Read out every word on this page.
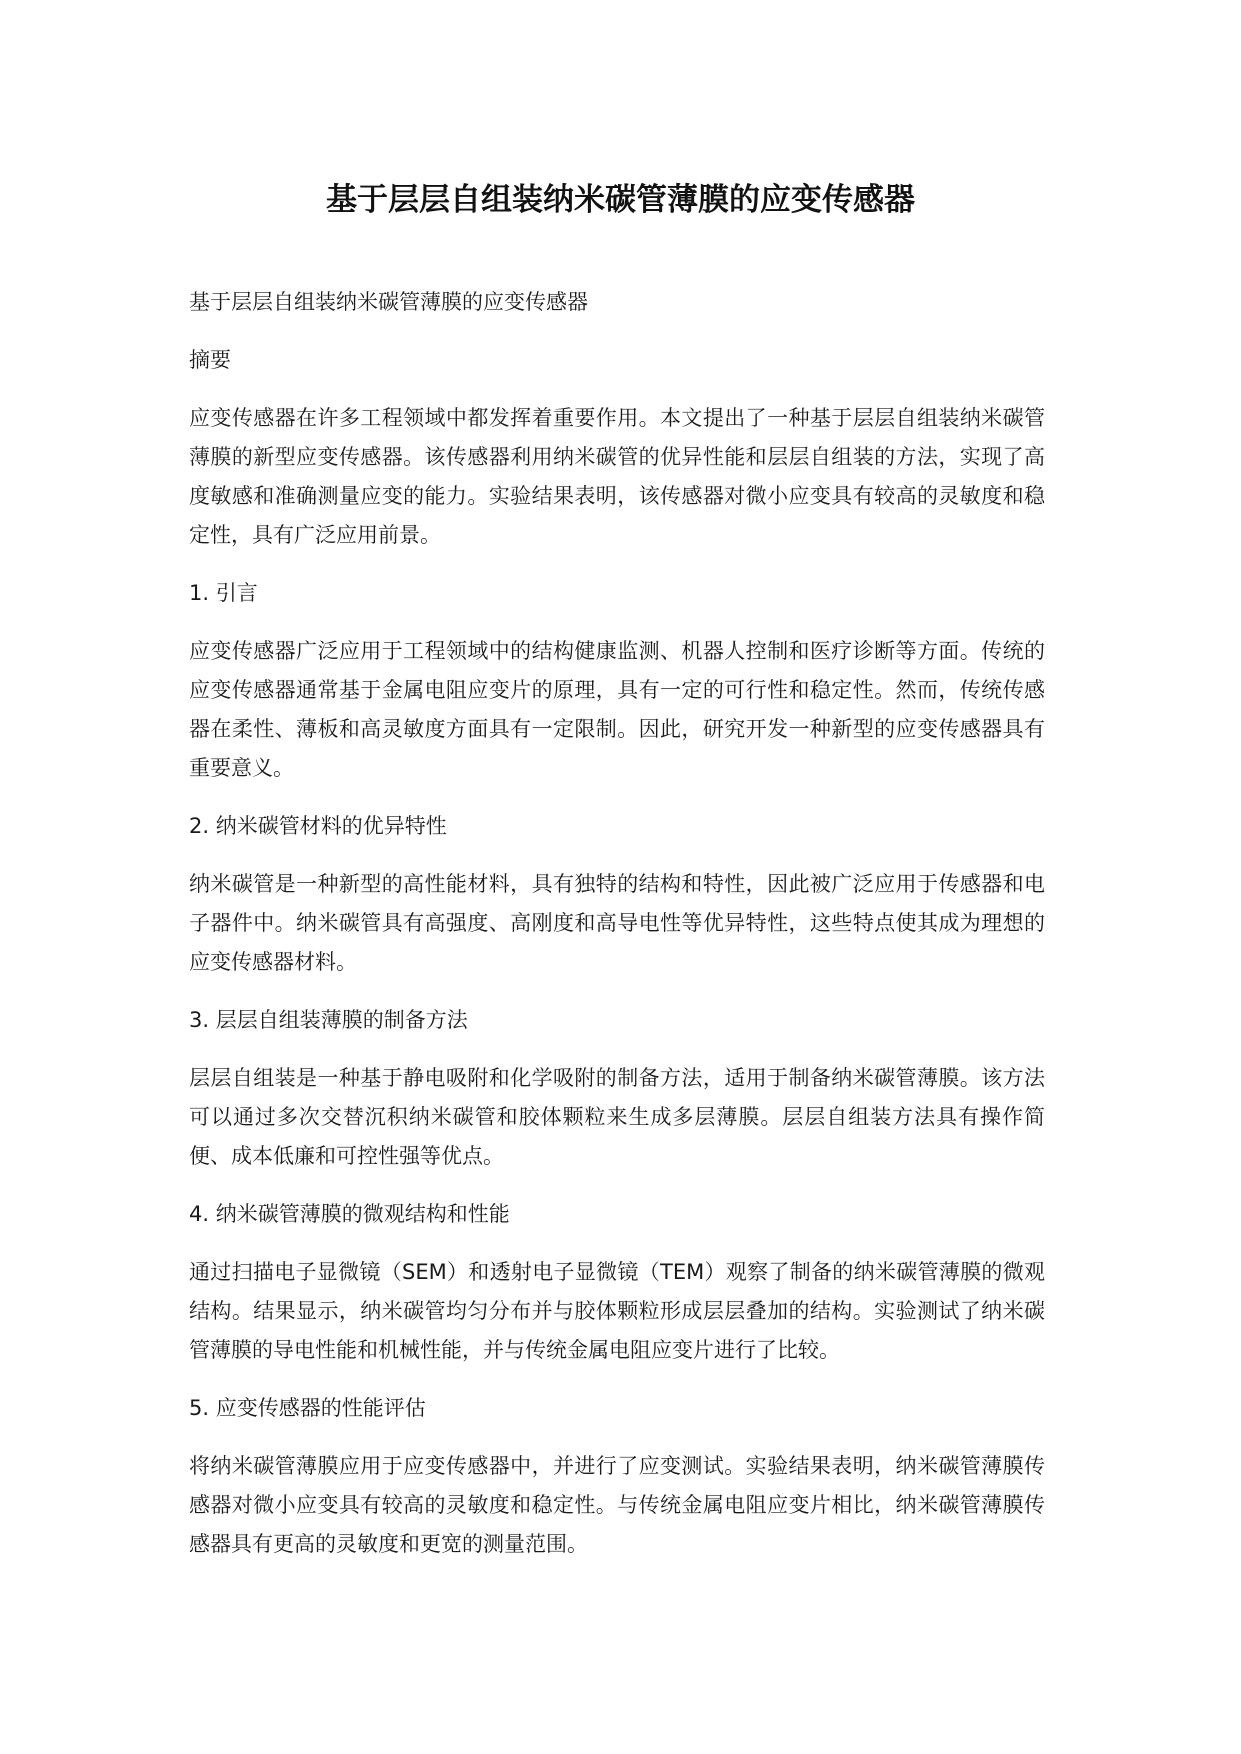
基于层层自组装纳米碳管薄膜的应变传感器

基于层层自组装纳米碳管薄膜的应变传感器

摘要

应变传感器在许多工程领域中都发挥着重要作用。本文提出了一种基于层层自组装纳米碳管薄膜的新型应变传感器。该传感器利用纳米碳管的优异性能和层层自组装的方法，实现了高度敏感和准确测量应变的能力。实验结果表明，该传感器对微小应变具有较高的灵敏度和稳定性，具有广泛应用前景。

1. 引言

应变传感器广泛应用于工程领域中的结构健康监测、机器人控制和医疗诊断等方面。传统的应变传感器通常基于金属电阻应变片的原理，具有一定的可行性和稳定性。然而，传统传感器在柔性、薄板和高灵敏度方面具有一定限制。因此，研究开发一种新型的应变传感器具有重要意义。

2. 纳米碳管材料的优异特性

纳米碳管是一种新型的高性能材料，具有独特的结构和特性，因此被广泛应用于传感器和电子器件中。纳米碳管具有高强度、高刚度和高导电性等优异特性，这些特点使其成为理想的应变传感器材料。

3. 层层自组装薄膜的制备方法

层层自组装是一种基于静电吸附和化学吸附的制备方法，适用于制备纳米碳管薄膜。该方法可以通过多次交替沉积纳米碳管和胶体颗粒来生成多层薄膜。层层自组装方法具有操作简便、成本低廉和可控性强等优点。

4. 纳米碳管薄膜的微观结构和性能

通过扫描电子显微镜（SEM）和透射电子显微镜（TEM）观察了制备的纳米碳管薄膜的微观结构。结果显示，纳米碳管均匀分布并与胶体颗粒形成层层叠加的结构。实验测试了纳米碳管薄膜的导电性能和机械性能，并与传统金属电阻应变片进行了比较。

5. 应变传感器的性能评估

将纳米碳管薄膜应用于应变传感器中，并进行了应变测试。实验结果表明，纳米碳管薄膜传感器对微小应变具有较高的灵敏度和稳定性。与传统金属电阻应变片相比，纳米碳管薄膜传感器具有更高的灵敏度和更宽的测量范围。
